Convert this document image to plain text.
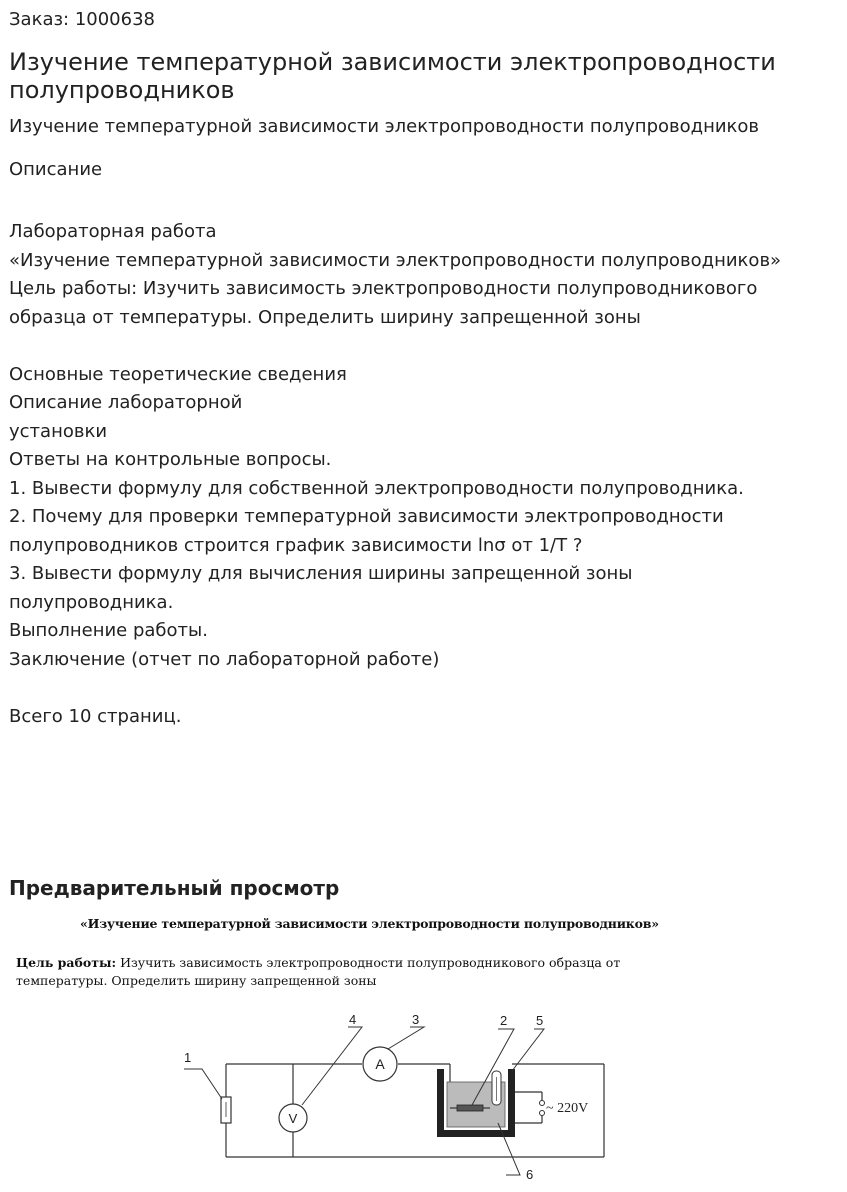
Заказ: 1000638
Изучение температурной зависимости электропроводности полупроводников
Изучение температурной зависимости электропроводности полупроводников
Описание
Лабораторная работа
«Изучение температурной зависимости электропроводности полупроводников»
Цель работы: Изучить зависимость электропроводности полупроводникового
образца от температуры. Определить ширину запрещенной зоны
Основные теоретические сведения
Описание лабораторной
установки
Ответы на контрольные вопросы.
1. Вывести формулу для собственной электропроводности полупроводника.
2. Почему для проверки температурной зависимости электропроводности
полупроводников строится график зависимости lnσ от 1/T ?
3. Вывести формулу для вычисления ширины запрещенной зоны
полупроводника.
Выполнение работы.
Заключение (отчет по лабораторной работе)
Всего 10 страниц.
Предварительный просмотр
«Изучение температурной зависимости электропроводности полупроводников»
Цель работы: Изучить зависимость электропроводности полупроводникового образца от температуры. Определить ширину запрещенной зоны
A
V
~ 220V
1
4	3	2 5
6
